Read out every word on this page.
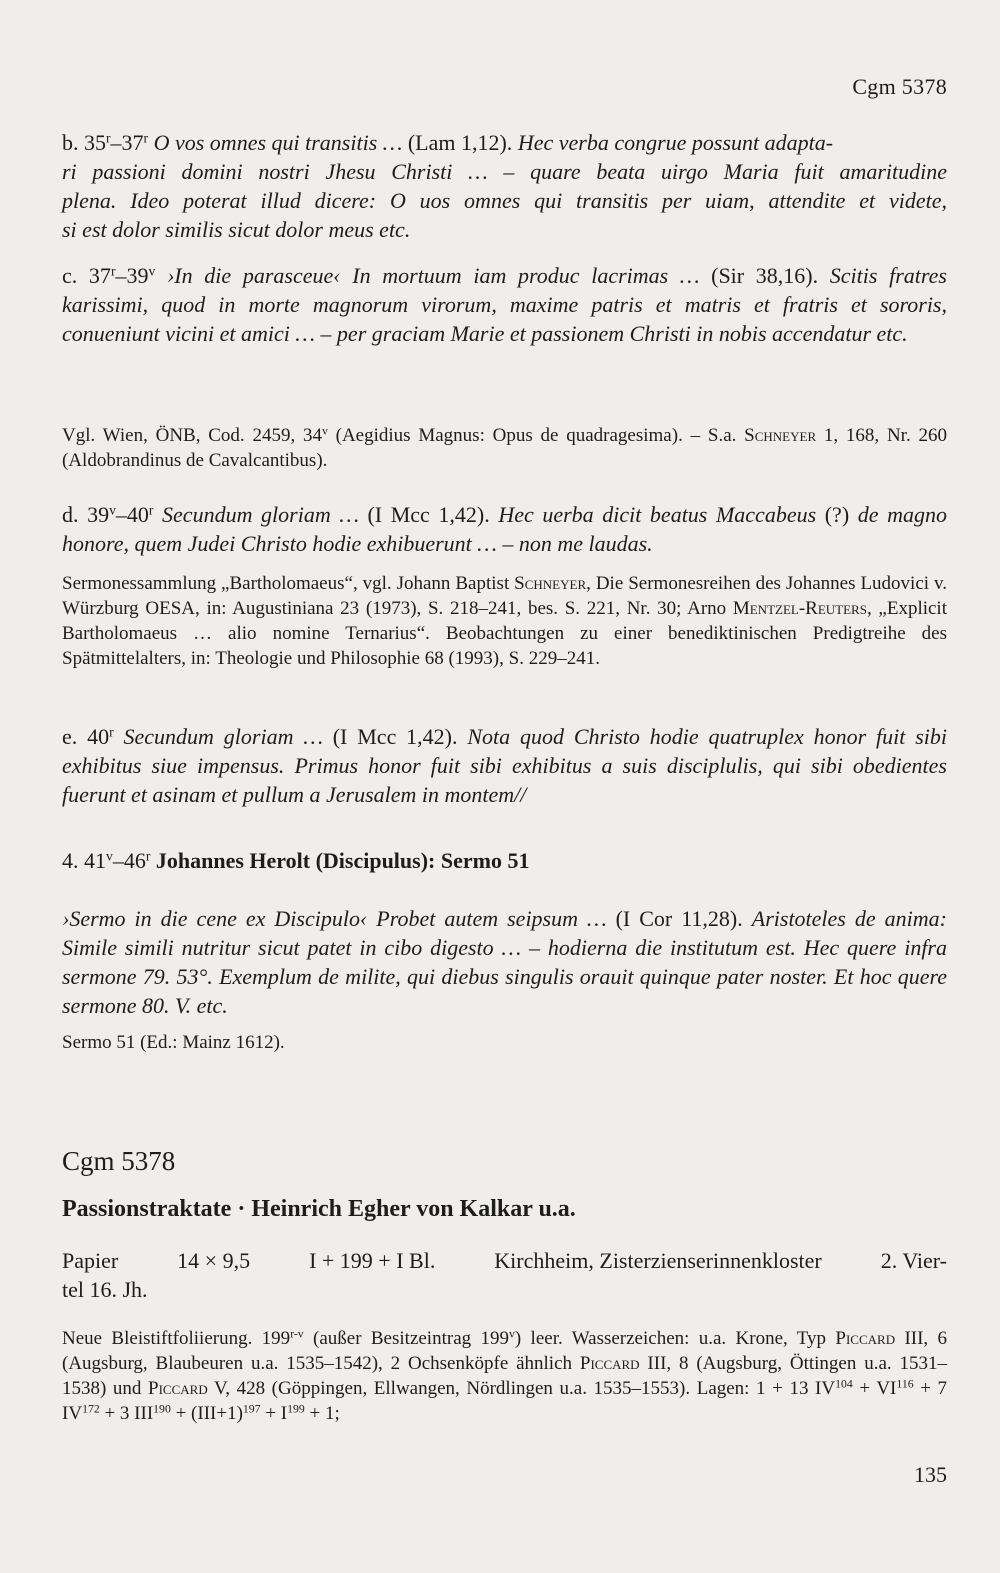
Cgm 5378
b. 35$^r$–37$^r$ O vos omnes qui transitis … (Lam 1,12). Hec verba congrue possunt adapta-

ri passioni domini nostri Jhesu Christi … – quare beata uirgo Maria fuit amaritudine

plena. Ideo poterat illud dicere: O uos omnes qui transitis per uiam, attendite et videte,

si est dolor similis sicut dolor meus etc.

c. 37$^r$–39$^v$ ›In die parasceue‹ In mortuum iam produc lacrimas … (Sir 38,16). Scitis fratres karissimi, quod in morte magnorum virorum, maxime patris et matris et fratris et sororis, conueniunt vicini et amici … – per graciam Marie et passionem Christi in nobis accendatur etc.

Vgl. Wien, ÖNB, Cod. 2459, 34$^v$ (Aegidius Magnus: Opus de quadragesima). – S.a. Schneyer 1, 168, Nr. 260 (Aldobrandinus de Cavalcantibus).

d. 39$^v$–40$^r$ Secundum gloriam … (I Mcc 1,42). Hec uerba dicit beatus Maccabeus (?) de magno honore, quem Judei Christo hodie exhibuerunt … – non me laudas.

Sermonessammlung „Bartholomaeus“, vgl. Johann Baptist Schneyer, Die Sermonesreihen des Johannes Ludovici v. Würzburg OESA, in: Augustiniana 23 (1973), S. 218–241, bes. S. 221, Nr. 30; Arno Mentzel-Reuters, „Explicit Bartholomaeus … alio nomine Ternarius“. Beobachtungen zu einer benediktinischen Predigtreihe des Spätmittelalters, in: Theologie und Philosophie 68 (1993), S. 229–241.

e. 40$^r$ Secundum gloriam … (I Mcc 1,42). Nota quod Christo hodie quatruplex honor fuit sibi exhibitus siue impensus. Primus honor fuit sibi exhibitus a suis disciplulis, qui sibi obedientes fuerunt et asinam et pullum a Jerusalem in montem//

4. 41$^v$–46$^r$ Johannes Herolt (Discipulus): Sermo 51

›Sermo in die cene ex Discipulo‹ Probet autem seipsum … (I Cor 11,28). Aristoteles de anima: Simile simili nutritur sicut patet in cibo digesto … – hodierna die institutum est. Hec quere infra sermone 79. 53°. Exemplum de milite, qui diebus singulis orauit quinque pater noster. Et hoc quere sermone 80. V. etc.

Sermo 51 (Ed.: Mainz 1612).

Cgm 5378
Passionstraktate · Heinrich Egher von Kalkar u.a.
Papier	14 × 9,5	I + 199 + I Bl.	Kirchheim, Zisterzienserinnenkloster	2. Vier-

tel 16. Jh.

Neue Bleistiftfoliierung. 199$^{r-v}$ (außer Besitzeintrag 199$^v$) leer. Wasserzeichen: u.a. Krone, Typ Piccard III, 6 (Augsburg, Blaubeuren u.a. 1535–1542), 2 Ochsenköpfe ähnlich Piccard III, 8 (Augsburg, Öttingen u.a. 1531–1538) und Piccard V, 428 (Göppingen, Ellwangen, Nördlingen u.a. 1535–1553). Lagen: 1 + 13 $IV^{104} + VI^{116} + 7$ $IV^{172} + 3$ $III^{190} + (III+1)^{197} + I^{199} + 1$;

135
